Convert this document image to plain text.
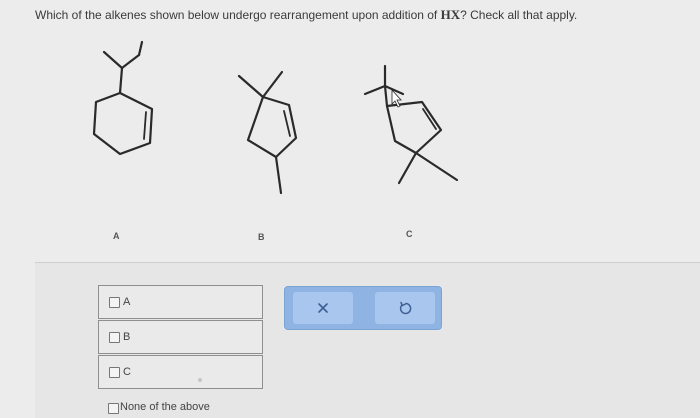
Which of the alkenes shown below undergo rearrangement upon addition of HX? Check all that apply.
A	B	C
A
B
C
None of the above
